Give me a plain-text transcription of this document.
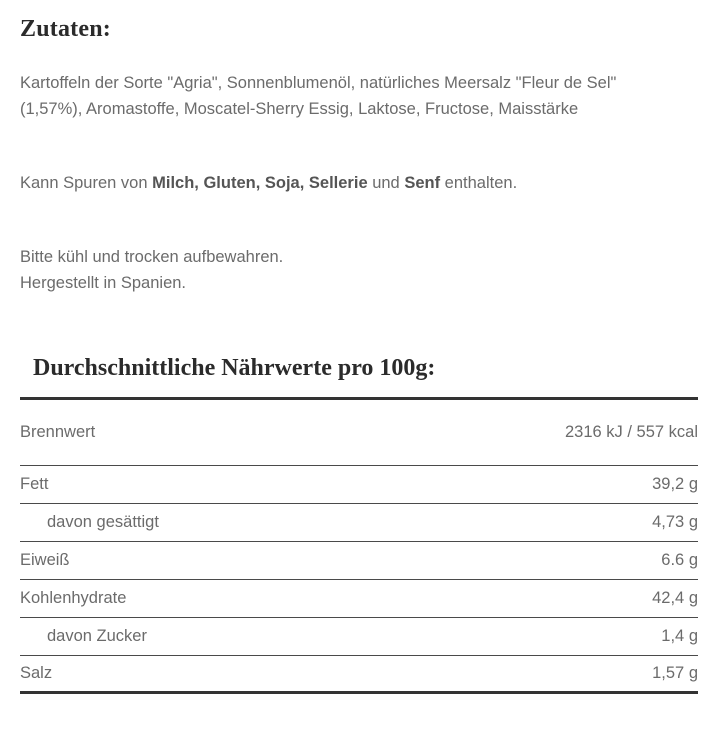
Zutaten:

Kartoffeln der Sorte "Agria", Sonnenblumenöl, natürliches Meersalz "Fleur de Sel"
(1,57%), Aromastoffe, Moscatel-Sherry Essig, Laktose, Fructose, Maisstärke

Kann Spuren von Milch, Gluten, Soja, Sellerie und Senf enthalten.

Bitte kühl und trocken aufbewahren.
Hergestellt in Spanien.

Durchschnittliche Nährwerte pro 100g:
Brennwert	2316 kJ / 557 kcal
Fett	39,2 g
davon gesättigt	4,73 g
Eiweiß	6.6 g
Kohlenhydrate	42,4 g
davon Zucker	1,4 g
Salz	1,57 g
